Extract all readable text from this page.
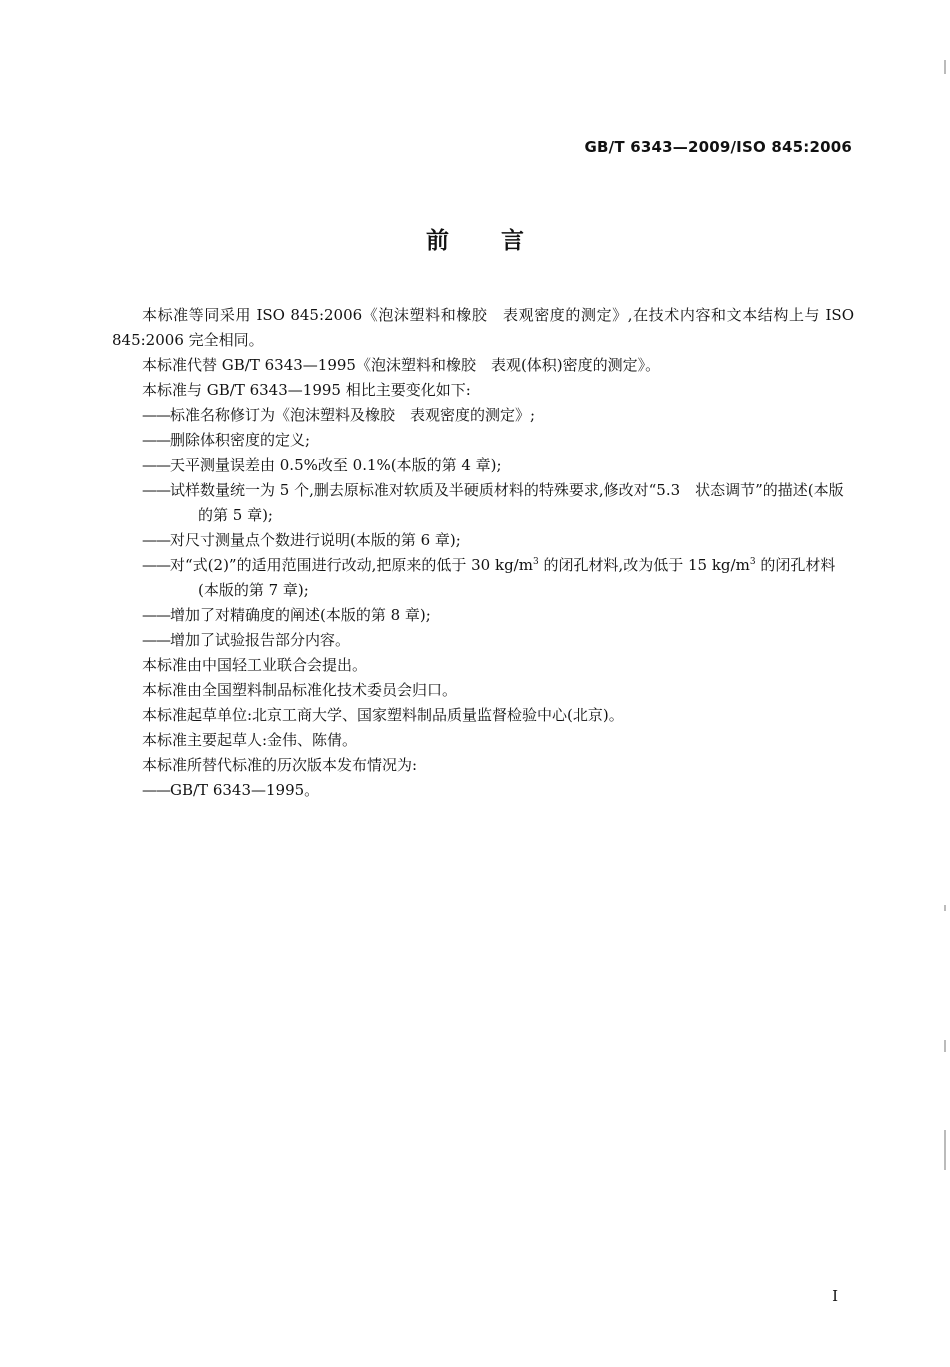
GB/T 6343—2009/ISO 845:2006
前言

本标准等同采用 ISO 845:2006《泡沫塑料和橡胶　表观密度的测定》,在技术内容和文本结构上与 ISO 845:2006 完全相同。

本标准代替 GB/T 6343—1995《泡沫塑料和橡胶　表观(体积)密度的测定》。

本标准与 GB/T 6343—1995 相比主要变化如下:

——标准名称修订为《泡沫塑料及橡胶　表观密度的测定》;

——删除体积密度的定义;

——天平测量误差由 0.5%改至 0.1%(本版的第 4 章);

——试样数量统一为 5 个,删去原标准对软质及半硬质材料的特殊要求,修改对“5.3　状态调节”的描述(本版的第 5 章);

——对尺寸测量点个数进行说明(本版的第 6 章);

——对“式(2)”的适用范围进行改动,把原来的低于 30 $kg/m^3$ 的闭孔材料,改为低于 15 $kg/m^3$ 的闭孔材料(本版的第 7 章);

——增加了对精确度的阐述(本版的第 8 章);

——增加了试验报告部分内容。

本标准由中国轻工业联合会提出。

本标准由全国塑料制品标准化技术委员会归口。

本标准起草单位:北京工商大学、国家塑料制品质量监督检验中心(北京)。

本标准主要起草人:金伟、陈倩。

本标准所替代标准的历次版本发布情况为:

——GB/T 6343—1995。

I
